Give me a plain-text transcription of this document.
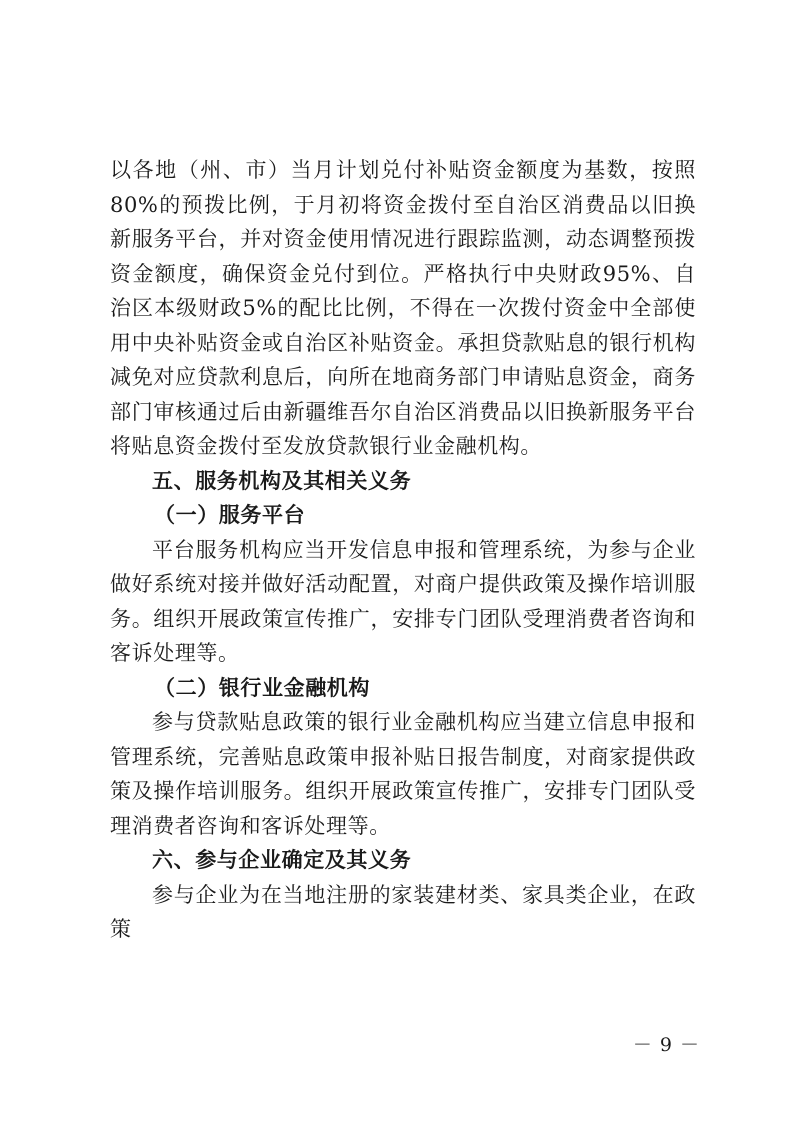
以各地（州、市）当月计划兑付补贴资金额度为基数，按照80%的预拨比例，于月初将资金拨付至自治区消费品以旧换新服务平台，并对资金使用情况进行跟踪监测，动态调整预拨资金额度，确保资金兑付到位。严格执行中央财政95%、自治区本级财政5%的配比比例，不得在一次拨付资金中全部使用中央补贴资金或自治区补贴资金。承担贷款贴息的银行机构减免对应贷款利息后，向所在地商务部门申请贴息资金，商务部门审核通过后由新疆维吾尔自治区消费品以旧换新服务平台将贴息资金拨付至发放贷款银行业金融机构。

五、服务机构及其相关义务

（一）服务平台

平台服务机构应当开发信息申报和管理系统，为参与企业做好系统对接并做好活动配置，对商户提供政策及操作培训服务。组织开展政策宣传推广，安排专门团队受理消费者咨询和客诉处理等。

（二）银行业金融机构

参与贷款贴息政策的银行业金融机构应当建立信息申报和管理系统，完善贴息政策申报补贴日报告制度，对商家提供政策及操作培训服务。组织开展政策宣传推广，安排专门团队受理消费者咨询和客诉处理等。

六、参与企业确定及其义务

参与企业为在当地注册的家装建材类、家具类企业，在政策

－ 9 －
